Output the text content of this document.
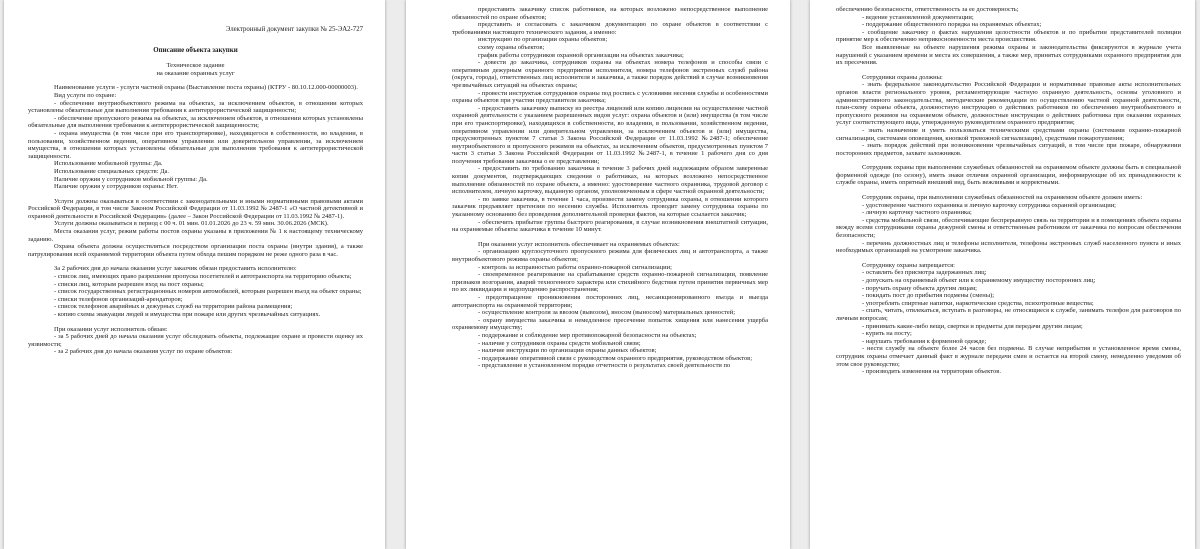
Электронный документ закупки № 25-ЭА2-727
Описание объекта закупки
Техническое задание
на оказание охранных услуг

Наименование услуги - услуги частной охраны (Выставление поста охраны) (КТРУ - 80.10.12.000-00000003).

Вид услуги по охране:

- обеспечение внутриобъектового режима на объектах, за исключением объектов, в отношении которых установлены обязательные для выполнения требования к антитеррористической защищенности;

- обеспечение пропускного режима на объектах, за исключением объектов, в отношении которых установлены обязательные для выполнения требования к антитеррористической защищенности;

- охрана имущества (в том числе при его транспортировке), находящегося в собственности, во владении, в пользовании, хозяйственном ведении, оперативном управлении или доверительном управлении, за исключением имущества, в отношении которых установлены обязательные для выполнения требования к антитеррористической защищенности.

Использование мобильной группы: Да.

Использование специальных средств: Да.

Наличие оружия у сотрудников мобильной группы: Да.

Наличие оружия у сотрудников охраны: Нет.

Услуги должны оказываться в соответствии с законодательными и иными нормативными правовыми актами Российской Федерации, в том числе Законом Российской Федерации от 11.03.1992 № 2487-1 «О частной детективной и охранной деятельности в Российской Федерации» (далее – Закон Российской Федерации от 11.03.1992 № 2487-1).

Услуги должны оказываться в период с 00 ч. 01 мин. 01.01.2026 до 23 ч. 59 мин. 30.06.2026 (МСК).

Места оказания услуг, режим работы постов охраны указаны в приложении № 1 к настоящему техническому заданию.

Охрана объекта должна осуществляться посредством организации поста охраны (внутри здания), а также патрулирования всей охраняемой территории объекта путем обхода пешим порядком не реже одного раза в час.

За 2 рабочих дня до начала оказания услуг заказчик обязан предоставить исполнителю:

- список лиц, имеющих право разрешения пропуска посетителей и автотранспорта на территорию объекта;

- списки лиц, которым разрешен вход на пост охраны;

- список государственных регистрационных номеров автомобилей, которым разрешен въезд на объект охраны;

- списки телефонов организаций-арендаторов;

- список телефонов аварийных и дежурных служб на территории района размещения;

- копию схемы эвакуации людей и имущества при пожаре или других чрезвычайных ситуациях.

При оказании услуг исполнитель обязан:

- за 5 рабочих дней до начала оказания услуг обследовать объекты, подлежащие охране и провести оценку их уязвимости;

- за 2 рабочих дня до начала оказания услуг по охране объектов:

предоставить заказчику список работников, на которых возложено непосредственное выполнение обязанностей по охране объектов;

представить и согласовать с заказчиком документацию по охране объектов в соответствии с требованиями настоящего технического задания, а именно:

инструкцию по организации охраны объектов;

схему охраны объектов;

график работы сотрудников охранной организации на объектах заказчика;

- довести до заказчика, сотрудников охраны на объектах номера телефонов и способы связи с оперативным дежурным охранного предприятия исполнителя, номера телефонов экстренных служб района (округа, города), ответственных лиц исполнителя и заказчика, а также порядок действий в случае возникновения чрезвычайных ситуаций на объектах охраны;

- провести инструктаж сотрудников охраны под роспись с условиями несения службы и особенностями охраны объектов при участии представителя заказчика;

- предоставить заказчику выписку из реестра лицензий или копию лицензии на осуществление частной охранной деятельности с указанием разрешенных видов услуг: охрана объектов и (или) имущества (в том числе при его транспортировке), находящихся в собственности, во владении, в пользовании, хозяйственном ведении, оперативном управлении или доверительном управлении, за исключением объектов и (или) имущества, предусмотренных пунктом 7 статьи 3 Закона Российской Федерации от 11.03.1992 №2487-1; обеспечение внутриобъектового и пропускного режимов на объектах, за исключением объектов, предусмотренных пунктом 7 части 3 статьи 3 Закона Российской Федерации от 11.03.1992 №2487-1, в течение 1 рабочего дня со дня получения требования заказчика о ее представлении;

- предоставить по требованию заказчика в течение 3 рабочих дней надлежащим образом заверенные копии документов, подтверждающих сведения о работниках, на которых возложено непосредственное выполнение обязанностей по охране объекта, а именно: удостоверение частного охранника, трудовой договор с исполнителем, личную карточку, выданную органом, уполномоченным в сфере частной охранной деятельности;

- по заявке заказчика, в течение 1 часа, произвести замену сотрудника охраны, в отношении которого заказчик предъявляет претензии по несению службы. Исполнитель проводит замену сотрудника охраны по указанному основанию без проведения дополнительной проверки фактов, на которые ссылается заказчик;

- обеспечить прибытие группы быстрого реагирования, в случае возникновения внештатной ситуации, на охраняемые объекты заказчика в течение 10 минут.

При оказании услуг исполнитель обеспечивает на охраняемых объектах:

- организацию круглосуточного пропускного режима для физических лиц и автотранспорта, а также внутриобъектового режима охраны объектов;

- контроль за исправностью работы охранно-пожарной сигнализации;

- своевременное реагирование на срабатывание средств охранно-пожарной сигнализации, появление признаков возгорания, аварий техногенного характера или стихийного бедствия путем принятия первичных мер по их ликвидации и недопущению распространения;

- предотвращение проникновения посторонних лиц, несанкционированного въезда и выезда автотранспорта на охраняемой территории;

- осуществление контроля за ввозом (вывозом), вносом (выносом) материальных ценностей;

- охрану имущества заказчика и немедленное пресечение попыток хищения или нанесения ущерба охраняемому имуществу;

- поддержание и соблюдение мер противопожарной безопасности на объектах;

- наличие у сотрудников охраны средств мобильной связи;

- наличие инструкции по организации охраны данных объектов;

- поддержание оперативной связи с руководством охранного предприятия, руководством объектов;

- представление в установленном порядке отчетности о результатах своей деятельности по

обеспечению безопасности, ответственность за ее достоверность;

- ведение установленной документации;

- поддержание общественного порядка на охраняемых объектах;

- сообщение заказчику о фактах нарушения целостности объектов и по прибытии представителей полиции принятие мер к обеспечению неприкосновенности места происшествия.

Все выявленные на объекте нарушения режима охраны и законодательства фиксируются в журнале учета нарушений с указанием времени и места их совершения, а также мер, принятых сотрудниками охранного предприятия для их пресечения.

Сотрудники охраны должны:

- знать федеральное законодательство Российской Федерации и нормативные правовые акты исполнительных органов власти регионального уровня, регламентирующие частную охранную деятельность, основы уголовного и административного законодательства, методические рекомендации по осуществлению частной охранной деятельности, план-схему охраны объекта, должностную инструкцию о действиях работников по обеспечению внутриобъектового и пропускного режимов на охраняемом объекте, должностные инструкции о действиях работника при оказании охранных услуг соответствующего вида, утвержденную руководителем охранного предприятия;

- знать назначение и уметь пользоваться техническими средствами охраны (системами охранно-пожарной сигнализации, системами оповещения, кнопкой тревожной сигнализации), средствами пожаротушения;

- знать порядок действий при возникновении чрезвычайных ситуаций, в том числе при пожаре, обнаружении посторонних предметов, захвате заложников.

Сотрудник охраны при выполнении служебных обязанностей на охраняемом объекте должны быть в специальной форменной одежде (по сезону), иметь знаки отличия охранной организации, информирующие об их принадлежности к службе охраны, иметь опрятный внешний вид, быть вежливыми и корректными.

Сотрудник охраны, при выполнении служебных обязанностей на охраняемом объекте должен иметь:

- удостоверение частного охранника и личную карточку сотрудника охранной организации;

- личную карточку частного охранника;

- средства мобильной связи, обеспечивающие беспрерывную связь на территории и в помещениях объекта охраны между всеми сотрудниками охраны дежурной смены и ответственным работником от заказчика по вопросам обеспечения безопасности;

- перечень должностных лиц и телефоны исполнителя, телефоны экстренных служб населенного пункта и иных необходимых организаций на усмотрение заказчика.

Сотруднику охраны запрещается:

- оставлять без присмотра задержанных лиц;

- допускать на охраняемый объект или к охраняемому имуществу посторонних лиц;

- поручать охрану объекта другим лицам;

- покидать пост до прибытия подмены (смены);

- употреблять спиртные напитки, наркотические средства, психотропные вещества;

- спать, читать, отвлекаться, вступать в разговоры, не относящиеся к службе, занимать телефон для разговоров по личным вопросам;

- принимать какие-либо вещи, свертки и предметы для передачи другим лицам;

- курить на посту;

- нарушать требования к форменной одежде;

- нести службу на объекте более 24 часов без подмены. В случае неприбытия в установленное время смены, сотрудник охраны отмечает данный факт в журнале передачи смен и остается на второй смену, немедленно уведомив об этом свое руководство;

- производить изменения на территории объектов.
